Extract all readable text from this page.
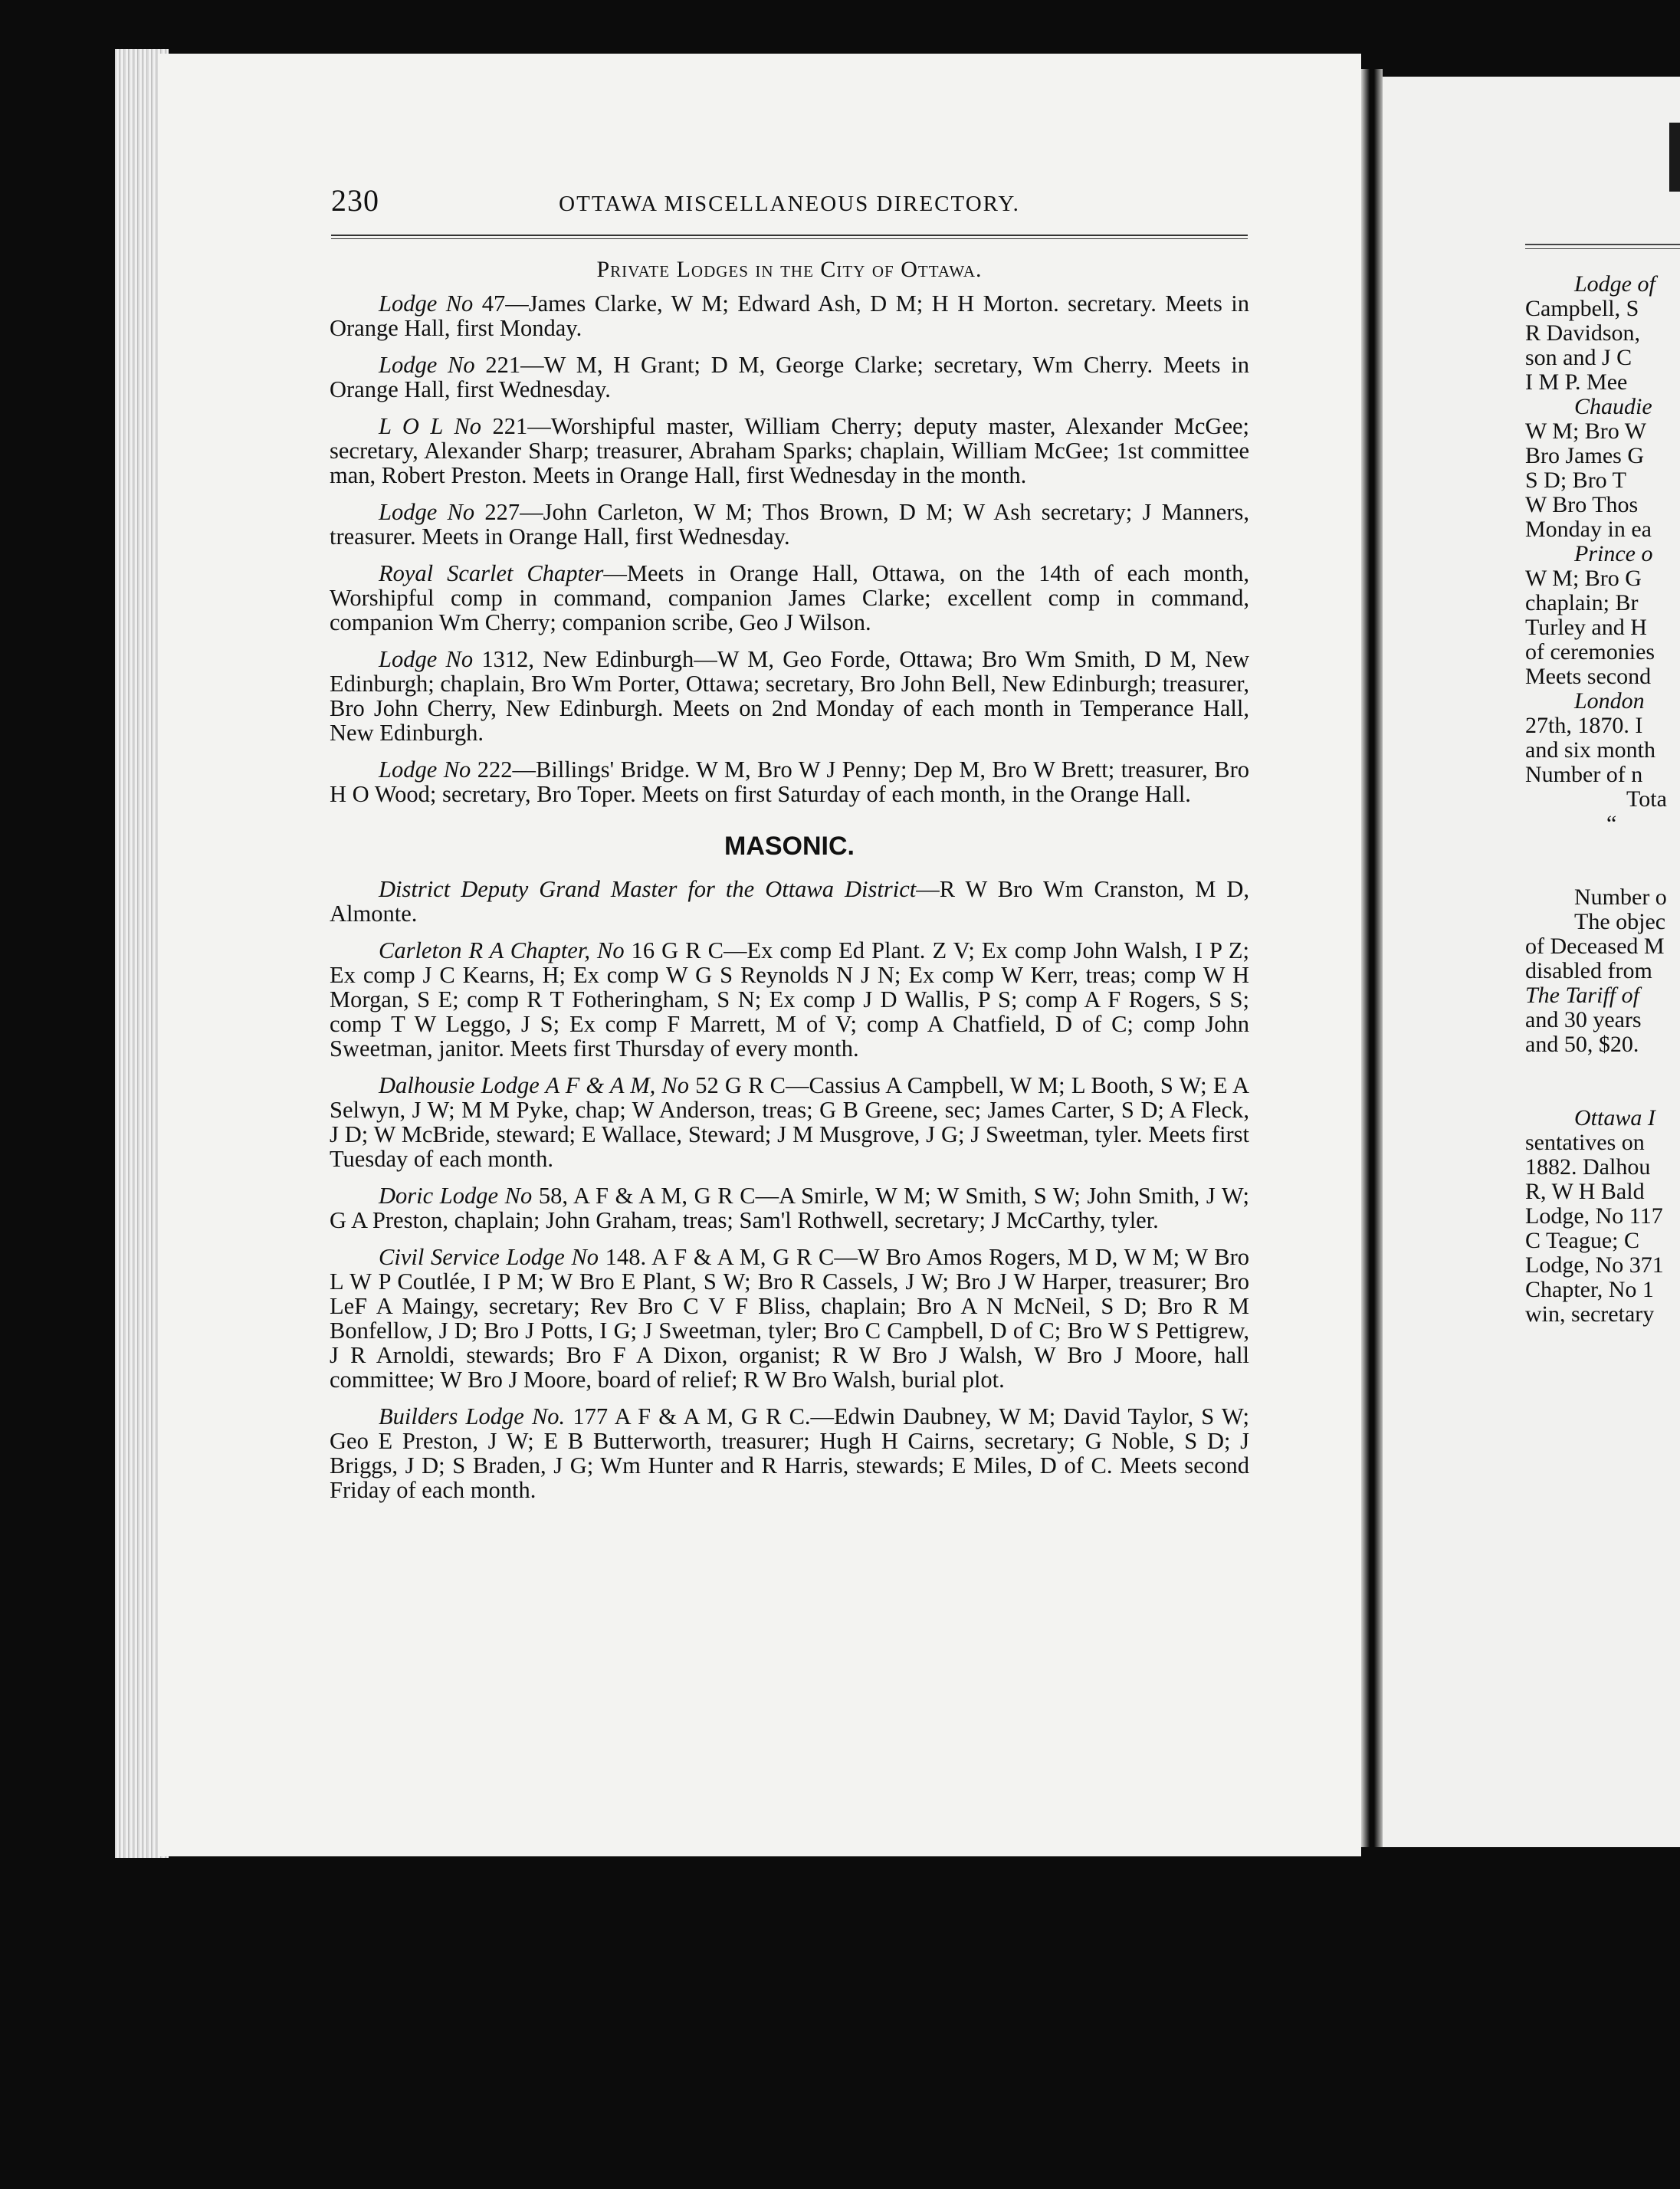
230	OTTAWA MISCELLANEOUS DIRECTORY.
Private Lodges in the City of Ottawa.

Lodge No 47—James Clarke, W M; Edward Ash, D M; H H Morton. secretary. Meets in Orange Hall, first Monday.

Lodge No 221—W M, H Grant; D M, George Clarke; secretary, Wm Cherry. Meets in Orange Hall, first Wednesday.

L O L No 221—Worshipful master, William Cherry; deputy master, Alexander McGee; secretary, Alexander Sharp; treasurer, Abraham Sparks; chaplain, William McGee; 1st committee man, Robert Preston. Meets in Orange Hall, first Wednesday in the month.

Lodge No 227—John Carleton, W M; Thos Brown, D M; W Ash secretary; J Manners, treasurer. Meets in Orange Hall, first Wednesday.

Royal Scarlet Chapter—Meets in Orange Hall, Ottawa, on the 14th of each month, Worshipful comp in command, companion James Clarke; excellent comp in command, companion Wm Cherry; companion scribe, Geo J Wilson.

Lodge No 1312, New Edinburgh—W M, Geo Forde, Ottawa; Bro Wm Smith, D M, New Edinburgh; chaplain, Bro Wm Porter, Ottawa; secretary, Bro John Bell, New Edinburgh; treasurer, Bro John Cherry, New Edinburgh. Meets on 2nd Monday of each month in Temperance Hall, New Edinburgh.

Lodge No 222—Billings' Bridge. W M, Bro W J Penny; Dep M, Bro W Brett; treasurer, Bro H O Wood; secretary, Bro Toper. Meets on first Saturday of each month, in the Orange Hall.

MASONIC.

District Deputy Grand Master for the Ottawa District—R W Bro Wm Cranston, M D, Almonte.

Carleton R A Chapter, No 16 G R C—Ex comp Ed Plant. Z V; Ex comp John Walsh, I P Z; Ex comp J C Kearns, H; Ex comp W G S Reynolds N J N; Ex comp W Kerr, treas; comp W H Morgan, S E; comp R T Fotheringham, S N; Ex comp J D Wallis, P S; comp A F Rogers, S S; comp T W Leggo, J S; Ex comp F Marrett, M of V; comp A Chatfield, D of C; comp John Sweetman, janitor. Meets first Thursday of every month.

Dalhousie Lodge A F & A M, No 52 G R C—Cassius A Campbell, W M; L Booth, S W; E A Selwyn, J W; M M Pyke, chap; W Anderson, treas; G B Greene, sec; James Carter, S D; A Fleck, J D; W McBride, steward; E Wallace, Steward; J M Musgrove, J G; J Sweetman, tyler. Meets first Tuesday of each month.

Doric Lodge No 58, A F & A M, G R C—A Smirle, W M; W Smith, S W; John Smith, J W; G A Preston, chaplain; John Graham, treas; Sam'l Rothwell, secretary; J McCarthy, tyler.

Civil Service Lodge No 148. A F & A M, G R C—W Bro Amos Rogers, M D, W M; W Bro L W P Coutlée, I P M; W Bro E Plant, S W; Bro R Cassels, J W; Bro J W Harper, treasurer; Bro LeF A Maingy, secretary; Rev Bro C V F Bliss, chaplain; Bro A N McNeil, S D; Bro R M Bonfellow, J D; Bro J Potts, I G; J Sweetman, tyler; Bro C Campbell, D of C; Bro W S Pettigrew, J R Arnoldi, stewards; Bro F A Dixon, organist; R W Bro J Walsh, W Bro J Moore, hall committee; W Bro J Moore, board of relief; R W Bro Walsh, burial plot.

Builders Lodge No. 177 A F & A M, G R C.—Edwin Daubney, W M; David Taylor, S W; Geo E Preston, J W; E B Butterworth, treasurer; Hugh H Cairns, secretary; G Noble, S D; J Briggs, J D; S Braden, J G; Wm Hunter and R Harris, stewards; E Miles, D of C. Meets second Friday of each month.

Lodge of
Campbell, S
R Davidson,
son and J C
I M P. Mee
Chaudie
W M; Bro W
Bro James G
S D; Bro T
W Bro Thos
Monday in ea
Prince o
W M; Bro G
chaplain; Br
Turley and H
of ceremonies
Meets second
London
27th, 1870. I
and six month
Number of n
Tota
“
Number o
The objec
of Deceased M
disabled from
The Tariff of
and 30 years
and 50, $20.
Ottawa I
sentatives on
1882. Dalhou
R, W H Bald
Lodge, No 117
C Teague; C
Lodge, No 371
Chapter, No 1
win, secretary
